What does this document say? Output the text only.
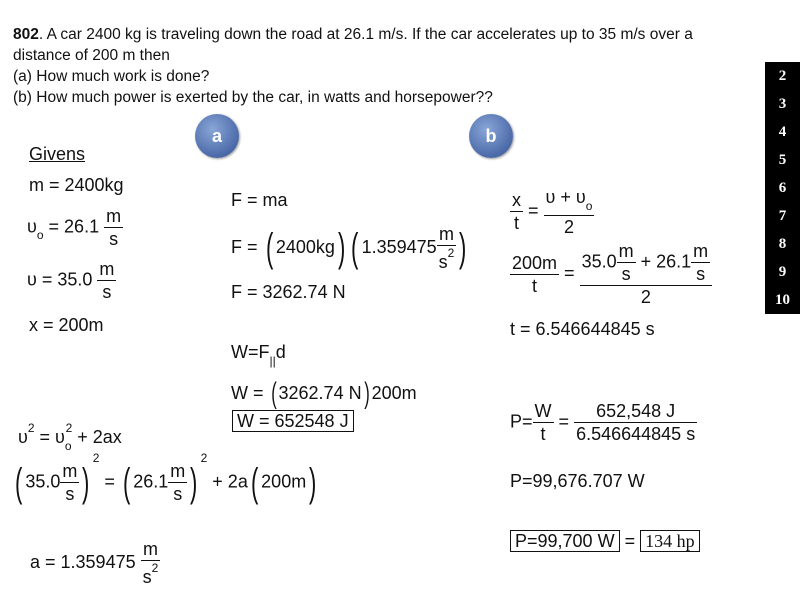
802. A car 2400 kg is traveling down the road at 26.1 m/s. If the car accelerates up to 35 m/s over a distance of 200 m then
(a) How much work is done?
(b) How much power is exerted by the car, in watts and horsepower??
a	b
Givens
m = 2400kg
$\upsilon_o = 26.1 \frac{m}{s}$
$\upsilon = 35.0 \frac{m}{s}$
x = 200m
$\upsilon^2 = \upsilon_o^2 + 2ax$
( $35.0 \frac{m}{s} )^2$ = ( $26.1 \frac{m}{s} )^2 + 2a$( 200m)
$a = 1.359475 \frac{m}{s^2}$
F = ma
F = ( 2400kg) ( $1.359475 \frac{m}{s^2}$ )
F = 3262.74 N
$W=F_{||}d$
W = ( 3262.74 N) 200m
W = 652548 J
$\frac{x}{t} = \frac{\upsilon + \upsilon_o}{2}$
$\frac{200m}{t} = \frac{35.0 \frac{m}{s} + 26.1 \frac{m}{s}}{2}$
t = 6.546644845 s
$P= \frac{W}{t} = \frac{652,548 J}{6.546644845 s}$
P=99,676.707 W
P=99,700 W = 134 hp
2
3
4
5
6
7
8
9
10
